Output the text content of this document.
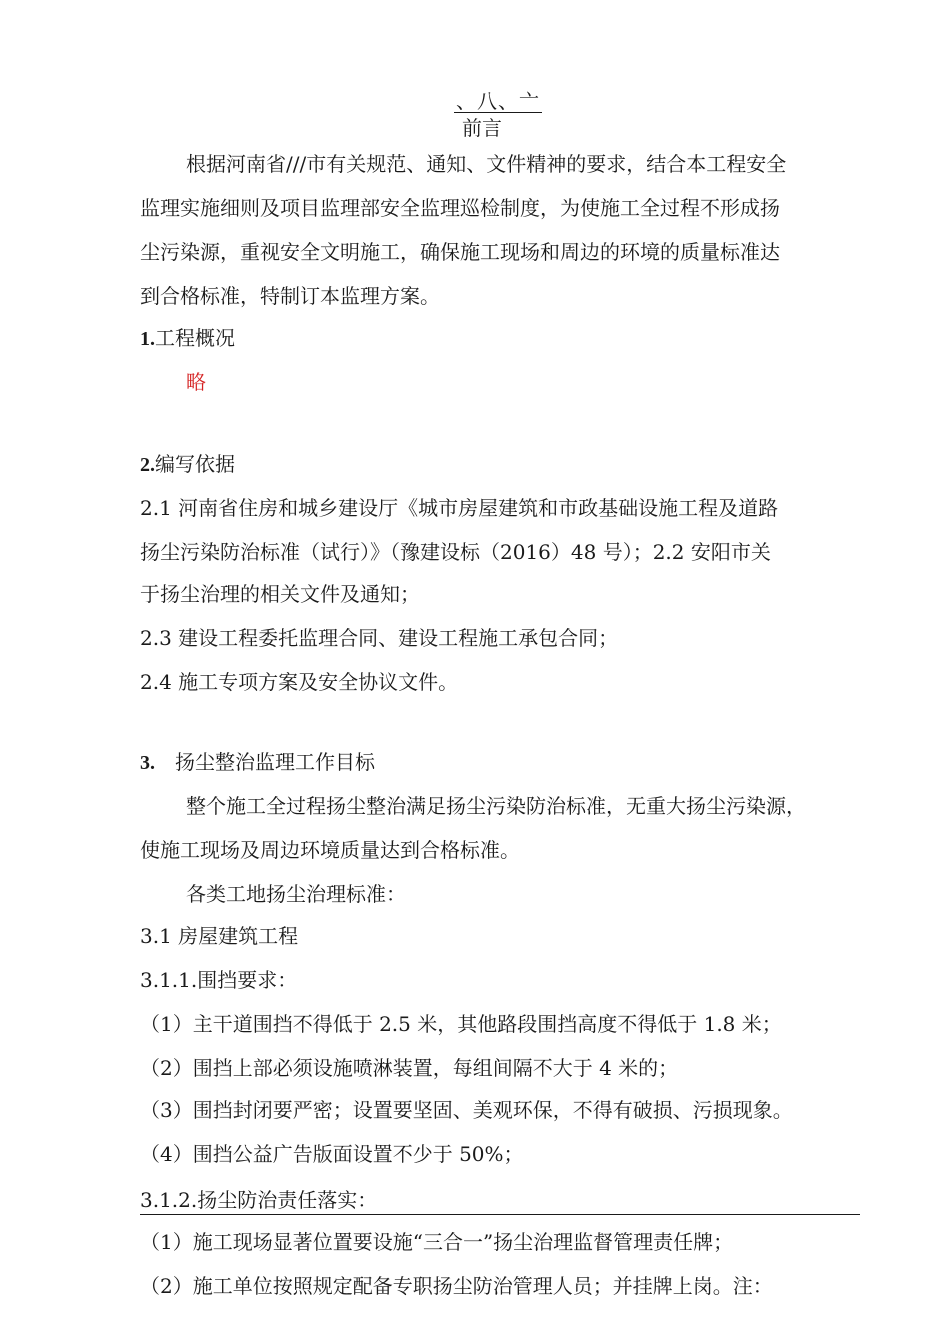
、八、亠
前言
根据河南省///市有关规范、通知、文件精神的要求，结合本工程安全
监理实施细则及项目监理部安全监理巡检制度，为使施工全过程不形成扬
尘污染源，重视安全文明施工，确保施工现场和周边的环境的质量标准达
到合格标准，特制订本监理方案。
1.工程概况
略
2.编写依据
2.1 河南省住房和城乡建设厅《城市房屋建筑和市政基础设施工程及道路
扬尘污染防治标准（试行）》（豫建设标（2016）48 号）；2.2 安阳市关
于扬尘治理的相关文件及通知；
2.3 建设工程委托监理合同、建设工程施工承包合同；
2.4 施工专项方案及安全协议文件。
3. 扬尘整治监理工作目标
整个施工全过程扬尘整治满足扬尘污染防治标准，无重大扬尘污染源，
使施工现场及周边环境质量达到合格标准。
各类工地扬尘治理标准：
3.1 房屋建筑工程
3.1.1.围挡要求：
（1）主干道围挡不得低于 2.5 米，其他路段围挡高度不得低于 1.8 米；
（2）围挡上部必须设施喷淋装置，每组间隔不大于 4 米的；
（3）围挡封闭要严密；设置要坚固、美观环保，不得有破损、污损现象。
（4）围挡公益广告版面设置不少于 50%；
3.1.2.扬尘防治责任落实：
（1）施工现场显著位置要设施“三合一”扬尘治理监督管理责任牌；
（2）施工单位按照规定配备专职扬尘防治管理人员；并挂牌上岗。注：
